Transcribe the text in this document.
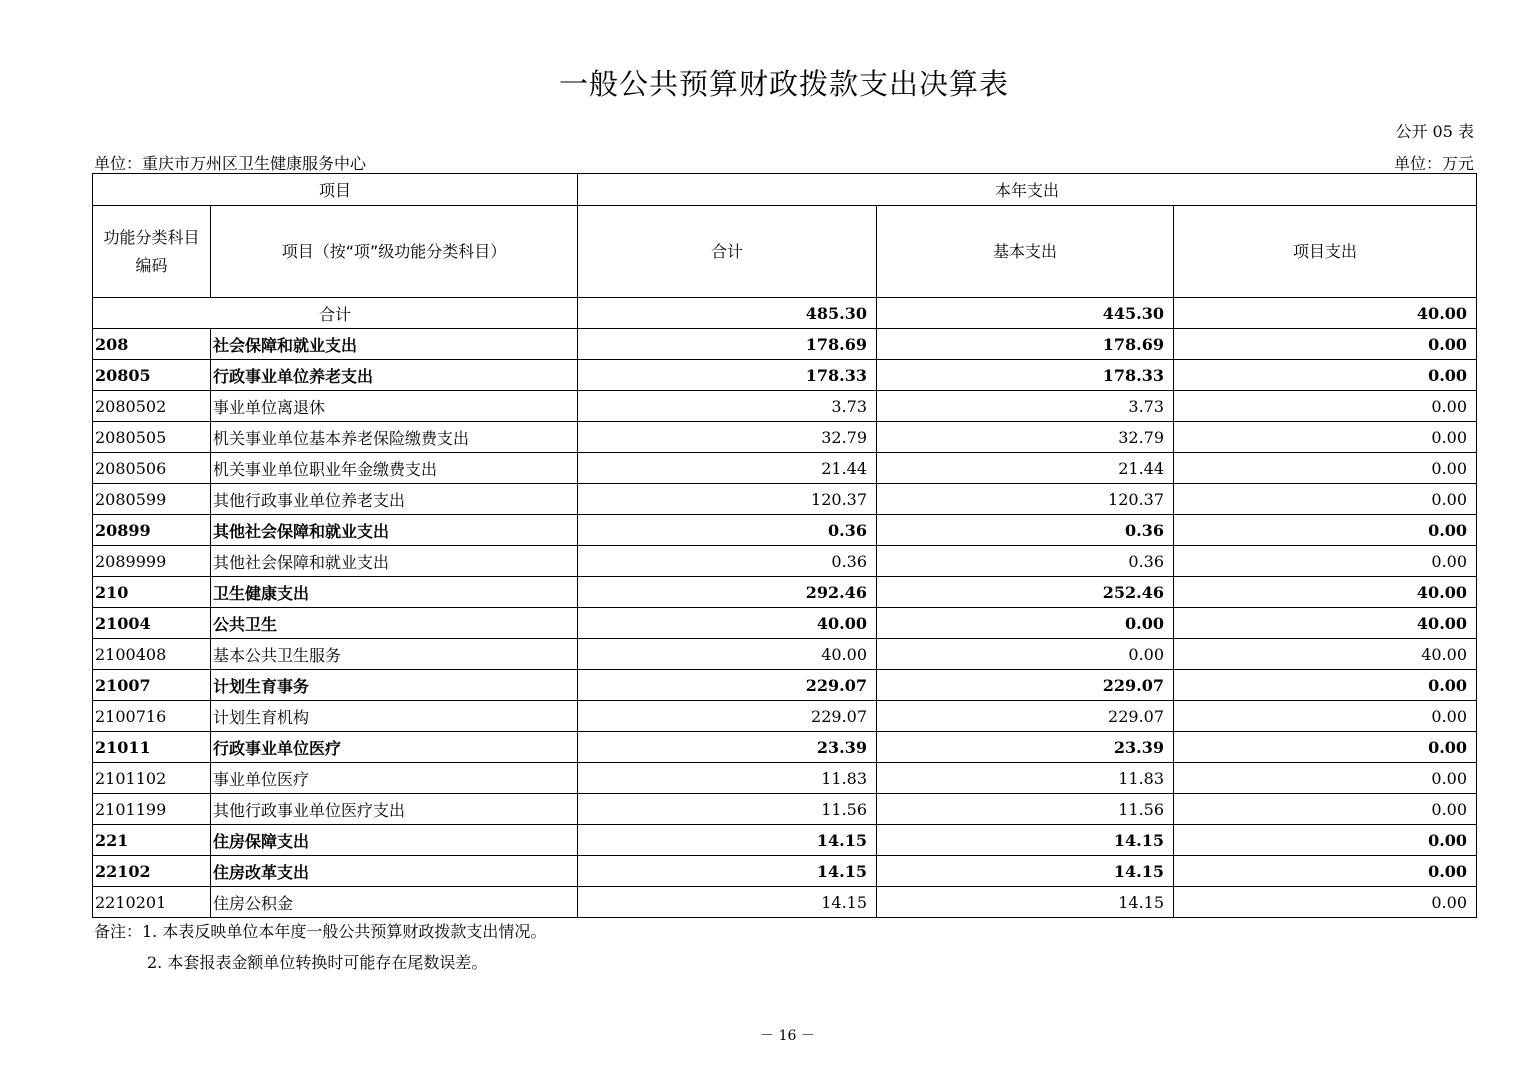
一般公共预算财政拨款支出决算表
公开 05 表
单位：重庆市万州区卫生健康服务中心	单位：万元
项目		本年支出		
功能分类科目编码	项目（按“项”级功能分类科目）	合计	基本支出	项目支出
合计		485.30	445.30	40.00
208	社会保障和就业支出	178.69	178.69	0.00
20805	行政事业单位养老支出	178.33	178.33	0.00
2080502	事业单位离退休	3.73	3.73	0.00
2080505	机关事业单位基本养老保险缴费支出	32.79	32.79	0.00
2080506	机关事业单位职业年金缴费支出	21.44	21.44	0.00
2080599	其他行政事业单位养老支出	120.37	120.37	0.00
20899	其他社会保障和就业支出	0.36	0.36	0.00
2089999	其他社会保障和就业支出	0.36	0.36	0.00
210	卫生健康支出	292.46	252.46	40.00
21004	公共卫生	40.00	0.00	40.00
2100408	基本公共卫生服务	40.00	0.00	40.00
21007	计划生育事务	229.07	229.07	0.00
2100716	计划生育机构	229.07	229.07	0.00
21011	行政事业单位医疗	23.39	23.39	0.00
2101102	事业单位医疗	11.83	11.83	0.00
2101199	其他行政事业单位医疗支出	11.56	11.56	0.00
221	住房保障支出	14.15	14.15	0.00
22102	住房改革支出	14.15	14.15	0.00
2210201	住房公积金	14.15	14.15	0.00
备注：1. 本表反映单位本年度一般公共预算财政拨款支出情况。
2. 本套报表金额单位转换时可能存在尾数误差。
－ 16 －
